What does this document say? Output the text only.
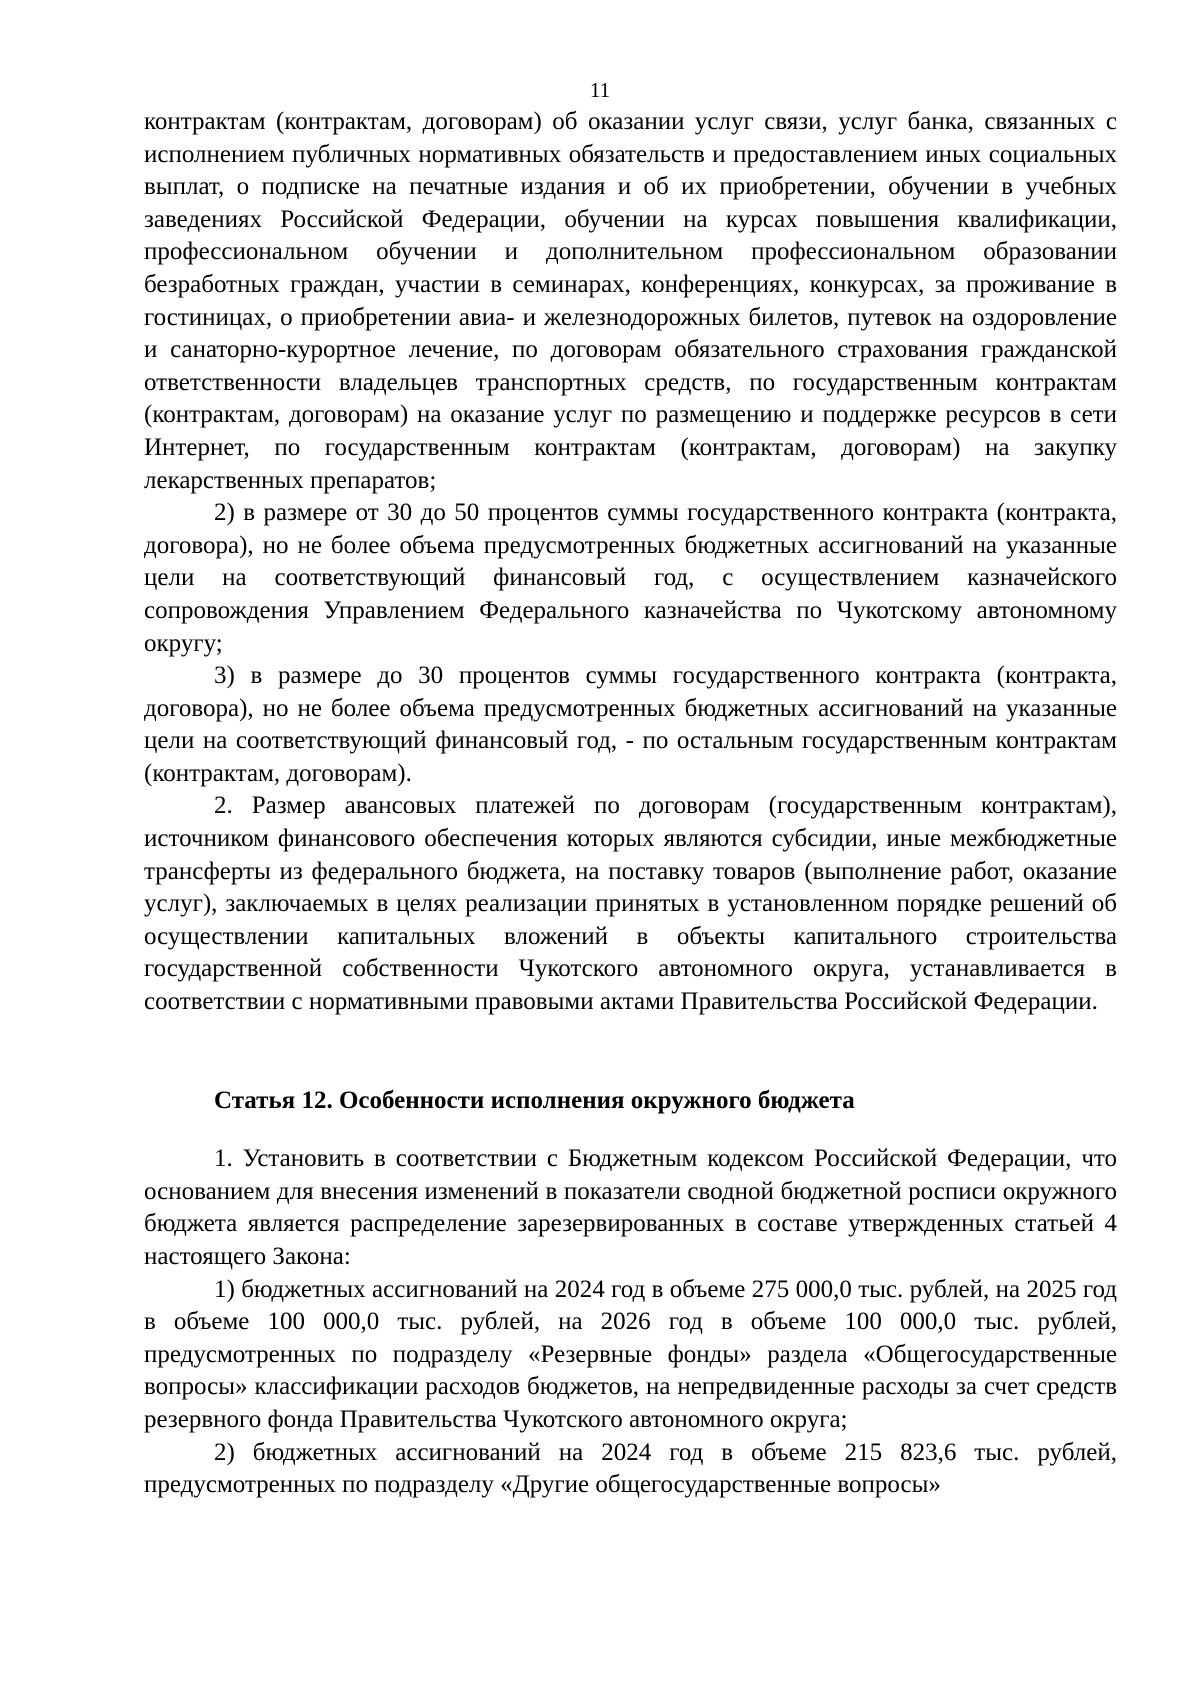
11

контрактам (контрактам, договорам) об оказании услуг связи, услуг банка, связанных с исполнением публичных нормативных обязательств и предоставлением иных социальных выплат, о подписке на печатные издания и об их приобретении, обучении в учебных заведениях Российской Федерации, обучении на курсах повышения квалификации, профессиональном обучении и дополнительном профессиональном образовании безработных граждан, участии в семинарах, конференциях, конкурсах, за проживание в гостиницах, о приобретении авиа- и железнодорожных билетов, путевок на оздоровление и санаторно-курортное лечение, по договорам обязательного страхования гражданской ответственности владельцев транспортных средств, по государственным контрактам (контрактам, договорам) на оказание услуг по размещению и поддержке ресурсов в сети Интернет, по государственным контрактам (контрактам, договорам) на закупку лекарственных препаратов;

2) в размере от 30 до 50 процентов суммы государственного контракта (контракта, договора), но не более объема предусмотренных бюджетных ассигнований на указанные цели на соответствующий финансовый год, с осуществлением казначейского сопровождения Управлением Федерального казначейства по Чукотскому автономному округу;

3) в размере до 30 процентов суммы государственного контракта (контракта, договора), но не более объема предусмотренных бюджетных ассигнований на указанные цели на соответствующий финансовый год, - по остальным государственным контрактам (контрактам, договорам).

2. Размер авансовых платежей по договорам (государственным контрактам), источником финансового обеспечения которых являются субсидии, иные межбюджетные трансферты из федерального бюджета, на поставку товаров (выполнение работ, оказание услуг), заключаемых в целях реализации принятых в установленном порядке решений об осуществлении капитальных вложений в объекты капитального строительства государственной собственности Чукотского автономного округа, устанавливается в соответствии с нормативными правовыми актами Правительства Российской Федерации.

Статья 12. Особенности исполнения окружного бюджета

1. Установить в соответствии с Бюджетным кодексом Российской Федерации, что основанием для внесения изменений в показатели сводной бюджетной росписи окружного бюджета является распределение зарезервированных в составе утвержденных статьей 4 настоящего Закона:

1) бюджетных ассигнований на 2024 год в объеме 275 000,0 тыс. рублей, на 2025 год в объеме 100 000,0 тыс. рублей, на 2026 год в объеме 100 000,0 тыс. рублей, предусмотренных по подразделу «Резервные фонды» раздела «Общегосударственные вопросы» классификации расходов бюджетов, на непредвиденные расходы за счет средств резервного фонда Правительства Чукотского автономного округа;

2) бюджетных ассигнований на 2024 год в объеме 215 823,6 тыс. рублей, предусмотренных по подразделу «Другие общегосударственные вопросы»
